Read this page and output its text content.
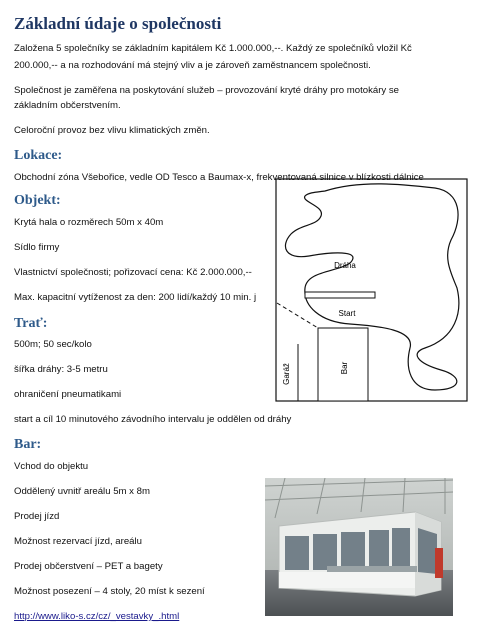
Základní údaje o společnosti
Založena 5 společníky se základním kapitálem Kč 1.000.000,--. Každý ze společníků vložil Kč
200.000,-- a na rozhodování má stejný vliv a je zároveň zaměstnancem společnosti.
Společnost je zaměřena na poskytování služeb – provozování kryté dráhy pro motokáry se
základním občerstvením.
Celoroční provoz bez vlivu klimatických změn.
Lokace:
Obchodní zóna Všebořice, vedle OD Tesco a Baumax-x, frekventovaná silnice v blízkosti dálnice
Objekt:
Krytá hala o rozměrech 50m x 40m
Sídlo firmy
Vlastnictví společnosti; pořizovací cena: Kč 2.000.000,--
Max. kapacitní vytíženost za den: 200 lidí/každý 10 min. j
Trať:
500m; 50 sec/kolo
šířka dráhy: 3-5 metru
ohraničení pneumatikami
start a cíl 10 minutového závodního intervalu je oddělen od dráhy
Bar:
Vchod do objektu
Oddělený uvnitř areálu 5m x 8m
Prodej jízd
Možnost rezervací jízd, areálu
Prodej občerstvení – PET a bagety
Možnost posezení – 4 stoly, 20 míst k sezení
http://www.liko-s.cz/cz/_vestavky_.html
Dráha
Start
Garáž	Bar
